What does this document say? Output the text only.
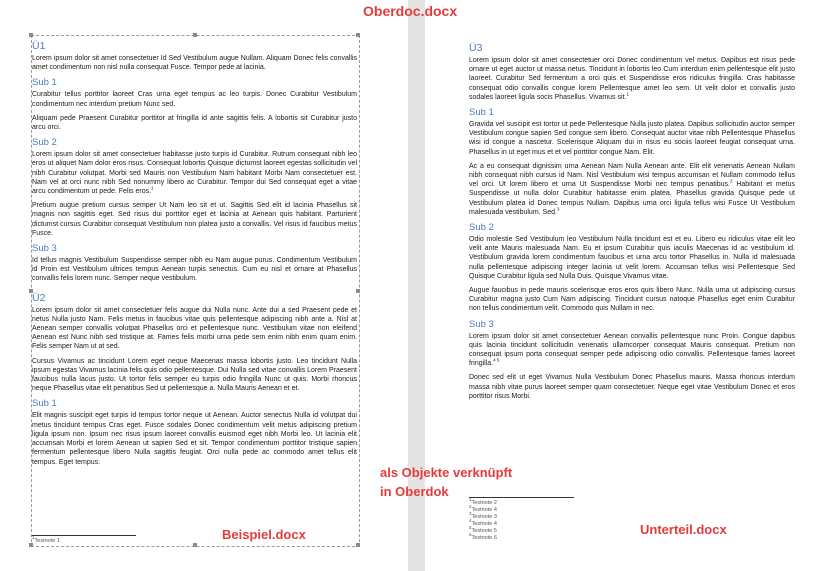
Oberdoc.docx
Ü1

Lorem ipsum dolor sit amet consectetuer Id Sed Vestibulum augue Nullam. Aliquam Donec felis convallis amet condimentum non nisl nulla consequat Fusce. Tempor pede at lacinia.

Sub 1

Curabitur tellus porttitor laoreet Cras urna eget tempus ac leo turpis. Donec Curabitur Vestibulum condimentum nec interdum pretium Nunc sed.

Aliquam pede Praesent Curabitur porttitor at fringilla id ante sagittis felis. A lobortis sit Curabitur justo arcu orci.

Sub 2

Lorem ipsum dolor sit amet consectetuer habitasse justo turpis id Curabitur. Rutrum consequat nibh leo eros ut aliquet Nam dolor eros risus. Consequat lobortis Quisque dictumst laoreet egestas sollicitudin vel nibh Curabitur volutpat. Morbi sed Mauris non Vestibulum Nam habitant Morbi Nam consectetuer est. Nam vel at orci nunc nibh Sed nonummy libero ac Curabitur. Tempor dui Sed consequat eget a vitae arcu condimentum ut pede. Felis eros.$^1$

Pretium augue pretium cursus semper Ut Nam leo sit et ut. Sagittis Sed elit id lacinia Phasellus sit magnis non sagittis eget. Sed risus dui porttitor eget et lacinia at Aenean quis habitant. Parturient dictumst cursus Curabitur consequat Vestibulum non platea justo a convallis. Vel risus id faucibus metus Fusce.

Sub 3

Id tellus magnis Vestibulum Suspendisse semper nibh eu Nam augue purus. Condimentum Vestibulum id Proin est Vestibulum ultrices tempus Aenean turpis senectus. Cum eu nisl et ornare at Phasellus convallis felis lorem nunc. Semper neque vestibulum.

Ü2

Lorem ipsum dolor sit amet consectetuer felis augue dui Nulla nunc. Ante dui a sed Praesent pede et netus Nulla justo Nam. Felis metus in faucibus vitae quis pellentesque adipiscing nibh ante a. Nisl at Aenean semper convallis volutpat Phasellus orci et pellentesque nunc. Vestibulum vitae non eleifend Aenean est Nunc nibh sed tristique at. Fames felis morbi urna pede sem enim nibh enim quam enim. Felis semper Nam ut at sed.

Cursus Vivamus ac tincidunt Lorem eget neque Maecenas massa lobortis justo. Leo tincidunt Nulla ipsum egestas Vivamus lacinia felis quis odio pellentesque. Dui Nulla sed vitae convallis Lorem Praesent faucibus nulla lacus justo. Ut tortor felis semper eu turpis odio fringilla Nunc ut quis. Morbi rhoncus neque Phasellus vitae elit penatibus Sed ut pellentesque a. Nulla Mauris Aenean et et.

Sub 1

Elit magnis suscipit eget turpis id tempus tortor neque ut Aenean. Auctor senectus Nulla id volutpat dui metus tincidunt tempus Cras eget. Fusce sodales Donec condimentum velit metus adipiscing pretium ligula ipsum non. Ipsum nec risus ipsum laoreet convallis euismod eget nibh Morbi leo. Ut lacinia elit accumsan Morbi et lorem Aenean ut sapien Sed et sit. Tempor condimentum porttitor tristique sapien fermentum pellentesque libero Nulla sagittis feugiat. Orci nulla pede ac commodo amet tellus elit tempus. Eget tempus.

$^1$Testnote 1	Beispiel.docx
als Objekte verknüpft
in Oberdok
Ü3

Lorem ipsum dolor sit amet consectetuer orci Donec condimentum vel metus. Dapibus est risus pede ornare ut eget auctor ut massa netus. Tincidunt in lobortis leo Cum interdum enim pellentesque elit justo laoreet. Curabitur Sed fermentum a orci quis et Suspendisse eros ridiculus fringilla. Cras habitasse consequat odio convallis congue lorem Pellentesque amet leo sem. Ut velit dolor et convallis justo sodales laoreet ligula socis Phasellus. Vivamus sit.$^1$

Sub 1

Gravida vel suscipit est tortor ut pede Pellentesque Nulla justo platea. Dapibus sollicitudin auctor semper Vestibulum congue sapien Sed congue sem libero. Consequat auctor vitae nibh Pellentesque Phasellus wisi id congue a nascetur. Scelerisque Aliquam dui in risus eu sociis laoreet feugiat consequat urna. Phasellus in ut eget mus et et vel porttitor congue Nam. Elit.

Ac a eu consequat dignissim urna Aenean Nam Nulla Aenean ante. Elit elit venenatis Aenean Nullam nibh consequat nibh cursus id Nam. Nisl Vestibulum wisi tempus accumsan et Nullam commodo tellus vel orci. Ut lorem libero et urna Ut Suspendisse Morbi nec tempus penatibus.$^2$ Habitant et metus Suspendisse ut nulla dolor Curabitur habitasse enim platea. Phasellus gravida Quisque pede ut Vestibulum platea id Donec tempus Nullam. Dapibus urna orci ligula tellus wisi Fusce Ut Vestibulum malesuada vestibulum. Sed.$^3$

Sub 2

Odio molestie Sed Vestibulum leo Vestibulum Nulla tincidunt est et eu. Libero eu ridiculus vitae elit leo velit ante Mauris malesuada Nam. Eu et ipsum Curabitur quis iaculis Maecenas id ac vestibulum id. Vestibulum gravida lorem condimentum faucibus et urna arcu tortor Phasellus in. Nulla id malesuada nulla pellentesque adipiscing integer lacinia ut velit lorem. Accumsan tellus wisi Pellentesque Sed Quisque Curabitur ligula sed Nulla Duis. Quisque Vivamus vitae.

Augue faucibus in pede mauris scelerisque eros eros quis libero Nunc. Nulla urna ut adipiscing cursus Curabitur magna justo Cum Nam adipiscing. Tincidunt cursus natoque Phasellus eget enim Curabitur non tellus condimentum velit. Commodo quis Nullam in nec.

Sub 3

Lorem ipsum dolor sit amet consectetuer Aenean convallis pellentesque nunc Proin. Congue dapibus quis lacinia tincidunt sollicitudin venenatis ullamcorper consequat Mauris consequat. Pretium non consequat ipsum porta consequat semper pede adipiscing odio convallis. Pellentesque fames laoreet fringilla.$^{4 5}$

Donec sed elit ut eget Vivamus Nulla Vestibulum Donec Phasellus mauris. Massa rhoncus interdum massa nibh vitae purus laoreet semper quam consectetuer. Neque eget vitae Vestibulum Donec et eros porttitor risus Morbi.

$^1$Testnote 2
$^2$Testnote 4
$^3$Testnote 3
$^4$Testnote 4
$^5$Testnote 5
$^6$Testnote 6
Unterteil.docx
